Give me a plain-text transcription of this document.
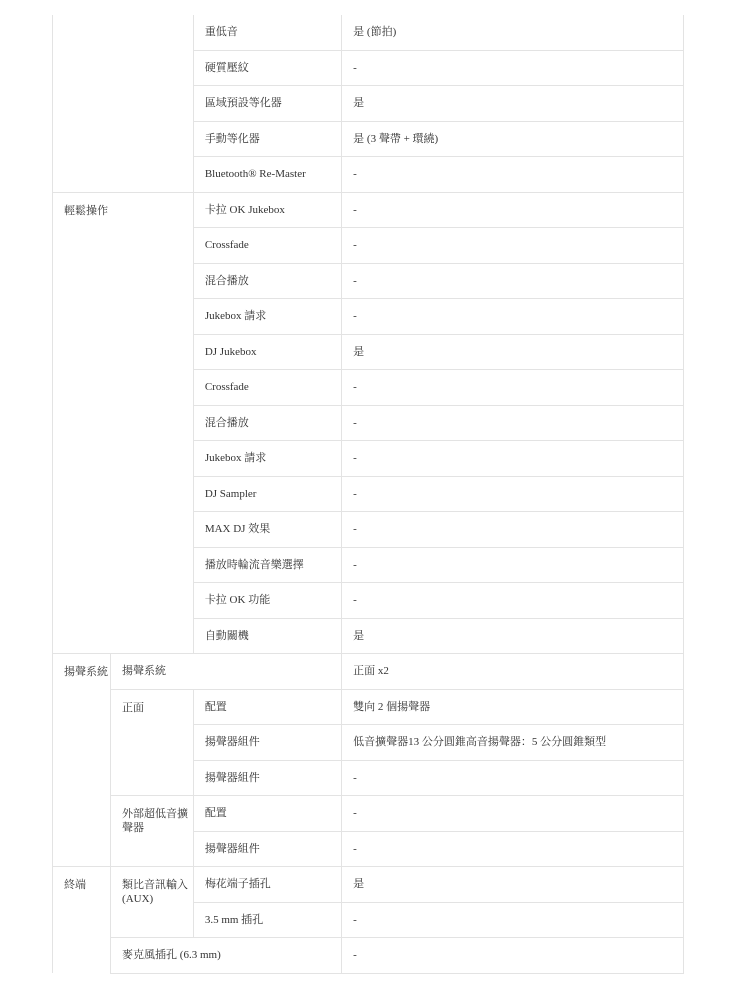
		重低音	是 (節拍)
		硬質壓紋	-
		區域預設等化器	是
		手動等化器	是 (3 聲帶 + 環繞)
		Bluetooth® Re-Master	-
輕鬆操作		卡拉 OK Jukebox	-
		Crossfade	-
		混合播放	-
		Jukebox 請求	-
		DJ Jukebox	是
		Crossfade	-
		混合播放	-
		Jukebox 請求	-
		DJ Sampler	-
		MAX DJ 效果	-
		播放時輪流音樂選擇	-
		卡拉 OK 功能	-
		自動關機	是
揚聲系統	揚聲系統		正面 x2
	正面	配置	雙向 2 個揚聲器
		揚聲器組件	低音擴聲器13 公分圓錐高音揚聲器：5 公分圓錐類型
		揚聲器組件	-
	外部超低音擴聲器	配置	-
		揚聲器組件	-
終端	類比音訊輸入 (AUX)	梅花端子插孔	是
		3.5 mm 插孔	-
	麥克風插孔 (6.3 mm)		-
